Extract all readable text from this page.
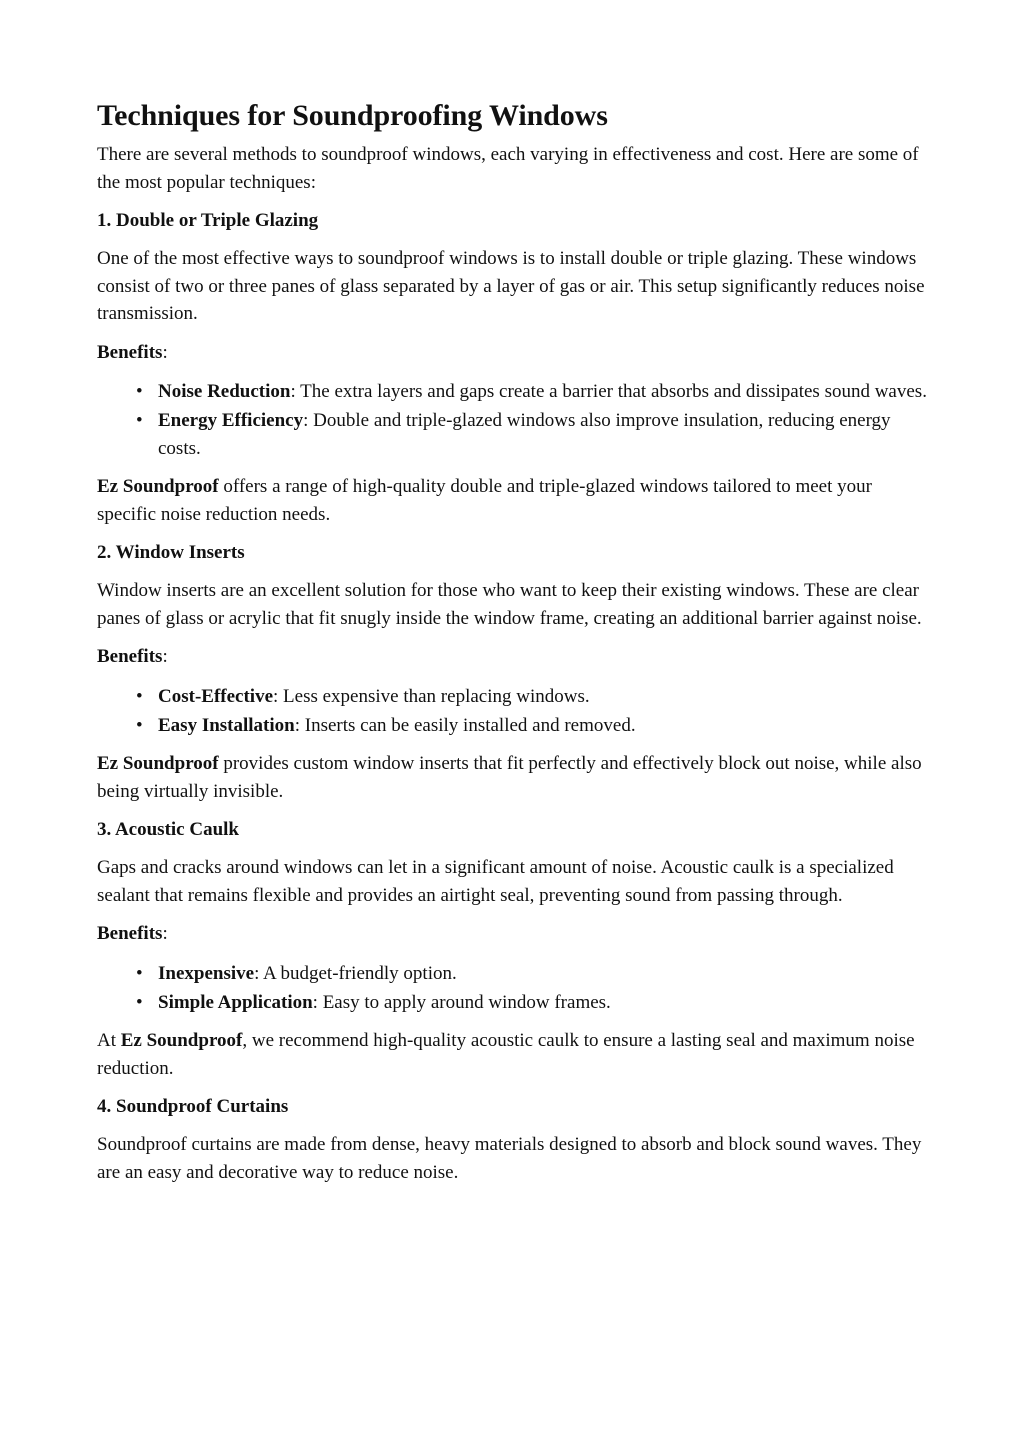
Techniques for Soundproofing Windows

There are several methods to soundproof windows, each varying in effectiveness and cost. Here are some of the most popular techniques:

1. Double or Triple Glazing

One of the most effective ways to soundproof windows is to install double or triple glazing. These windows consist of two or three panes of glass separated by a layer of gas or air. This setup significantly reduces noise transmission.

Benefits:

• Noise Reduction: The extra layers and gaps create a barrier that absorbs and dissipates sound waves.
• Energy Efficiency: Double and triple-glazed windows also improve insulation, reducing energy costs.

Ez Soundproof offers a range of high-quality double and triple-glazed windows tailored to meet your specific noise reduction needs.

2. Window Inserts

Window inserts are an excellent solution for those who want to keep their existing windows. These are clear panes of glass or acrylic that fit snugly inside the window frame, creating an additional barrier against noise.

Benefits:

• Cost-Effective: Less expensive than replacing windows.
• Easy Installation: Inserts can be easily installed and removed.

Ez Soundproof provides custom window inserts that fit perfectly and effectively block out noise, while also being virtually invisible.

3. Acoustic Caulk

Gaps and cracks around windows can let in a significant amount of noise. Acoustic caulk is a specialized sealant that remains flexible and provides an airtight seal, preventing sound from passing through.

Benefits:

• Inexpensive: A budget-friendly option.
• Simple Application: Easy to apply around window frames.

At Ez Soundproof, we recommend high-quality acoustic caulk to ensure a lasting seal and maximum noise reduction.

4. Soundproof Curtains

Soundproof curtains are made from dense, heavy materials designed to absorb and block sound waves. They are an easy and decorative way to reduce noise.
